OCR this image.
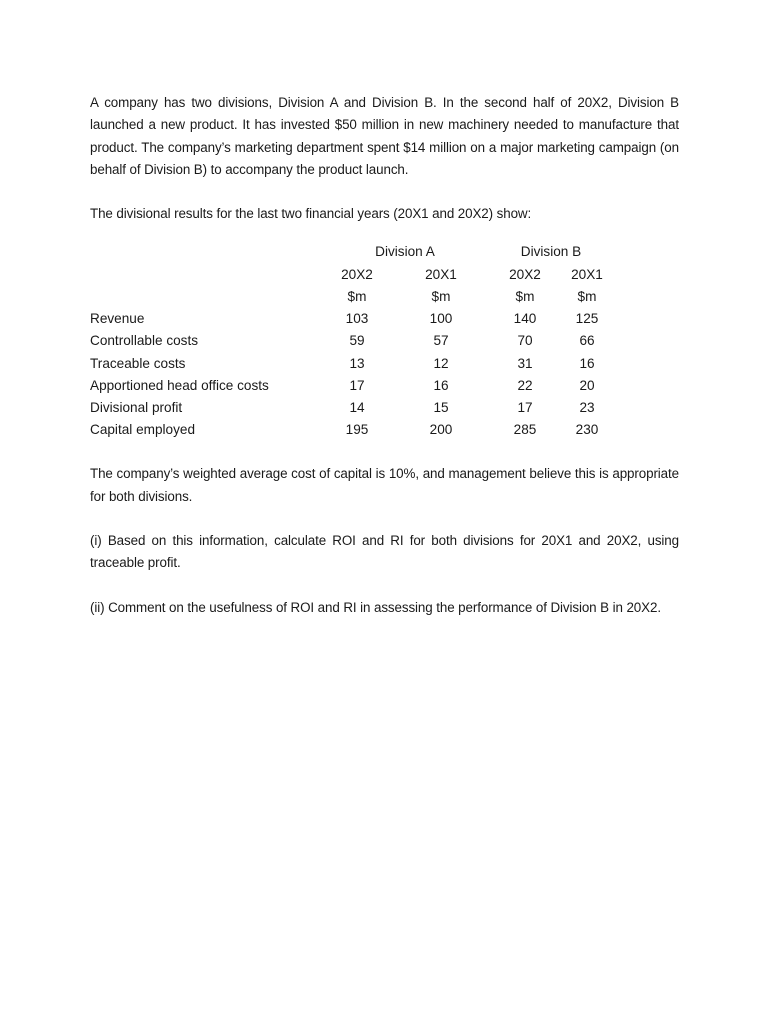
A company has two divisions, Division A and Division B. In the second half of 20X2, Division B launched a new product. It has invested $50 million in new machinery needed to manufacture that product. The company’s marketing department spent $14 million on a major marketing campaign (on behalf of Division B) to accompany the product launch.

The divisional results for the last two financial years (20X1 and 20X2) show:

	Division A		Division B	
	20X2	20X1	20X2	20X1
	$m	$m	$m	$m
Revenue	103	100	140	125
Controllable costs	59	57	70	66
Traceable costs	13	12	31	16
Apportioned head office costs	17	16	22	20
Divisional profit	14	15	17	23
Capital employed	195	200	285	230

The company’s weighted average cost of capital is 10%, and management believe this is appropriate for both divisions.

(i) Based on this information, calculate ROI and RI for both divisions for 20X1 and 20X2, using traceable profit.

(ii) Comment on the usefulness of ROI and RI in assessing the performance of Division B in 20X2.
